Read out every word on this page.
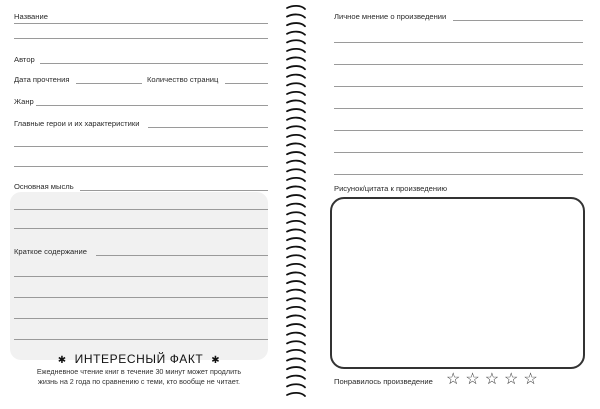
Название
Автор
Дата прочтения	Количество страниц
Жанр
Главные герои и их характеристики
Основная мысль
Краткое содержание
✱ ИНТЕРЕСНЫЙ ФАКТ ✱
Ежедневное чтение книг в течение 30 минут может продлить
жизнь на 2 года по сравнению с теми, кто вообще не читает.
Личное мнение о произведении
Рисунок/цитата к произведению
Понравилось произведение ☆ ☆ ☆ ☆ ☆
